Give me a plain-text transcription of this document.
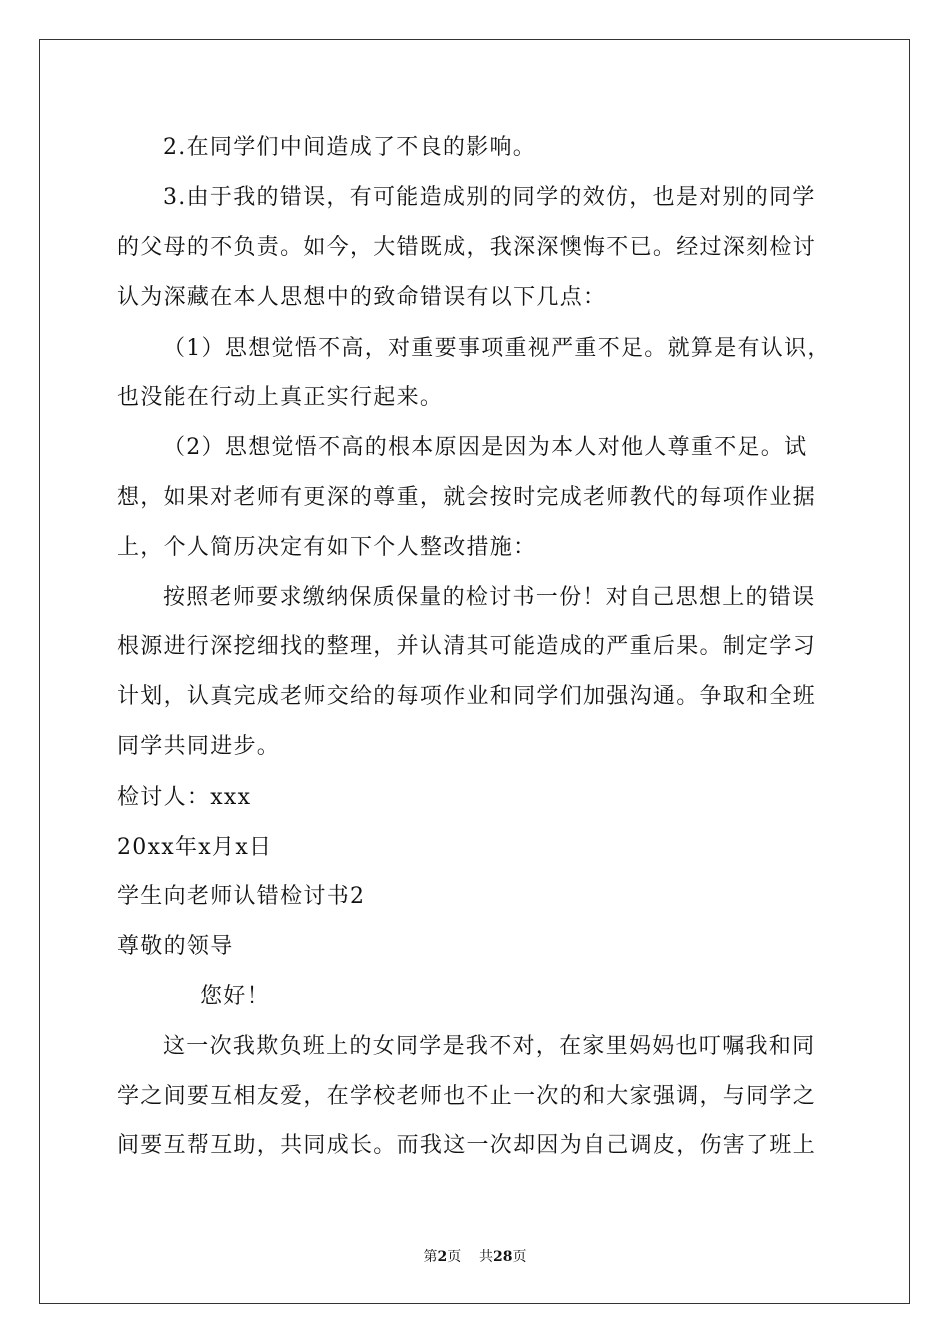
2.在同学们中间造成了不良的影响。
3.由于我的错误，有可能造成别的同学的效仿，也是对别的同学
的父母的不负责。如今，大错既成，我深深懊悔不已。经过深刻检讨
认为深藏在本人思想中的致命错误有以下几点：
（1）思想觉悟不高，对重要事项重视严重不足。就算是有认识，
也没能在行动上真正实行起来。
（2）思想觉悟不高的根本原因是因为本人对他人尊重不足。试
想，如果对老师有更深的尊重，就会按时完成老师教代的每项作业据
上，个人简历决定有如下个人整改措施：
按照老师要求缴纳保质保量的检讨书一份！对自己思想上的错误
根源进行深挖细找的整理，并认清其可能造成的严重后果。制定学习
计划，认真完成老师交给的每项作业和同学们加强沟通。争取和全班
同学共同进步。
检讨人：xxx
20xx年x月x日
学生向老师认错检讨书2
尊敬的领导
您好！
这一次我欺负班上的女同学是我不对，在家里妈妈也叮嘱我和同
学之间要互相友爱，在学校老师也不止一次的和大家强调，与同学之
间要互帮互助，共同成长。而我这一次却因为自己调皮，伤害了班上
第2页 共28页
